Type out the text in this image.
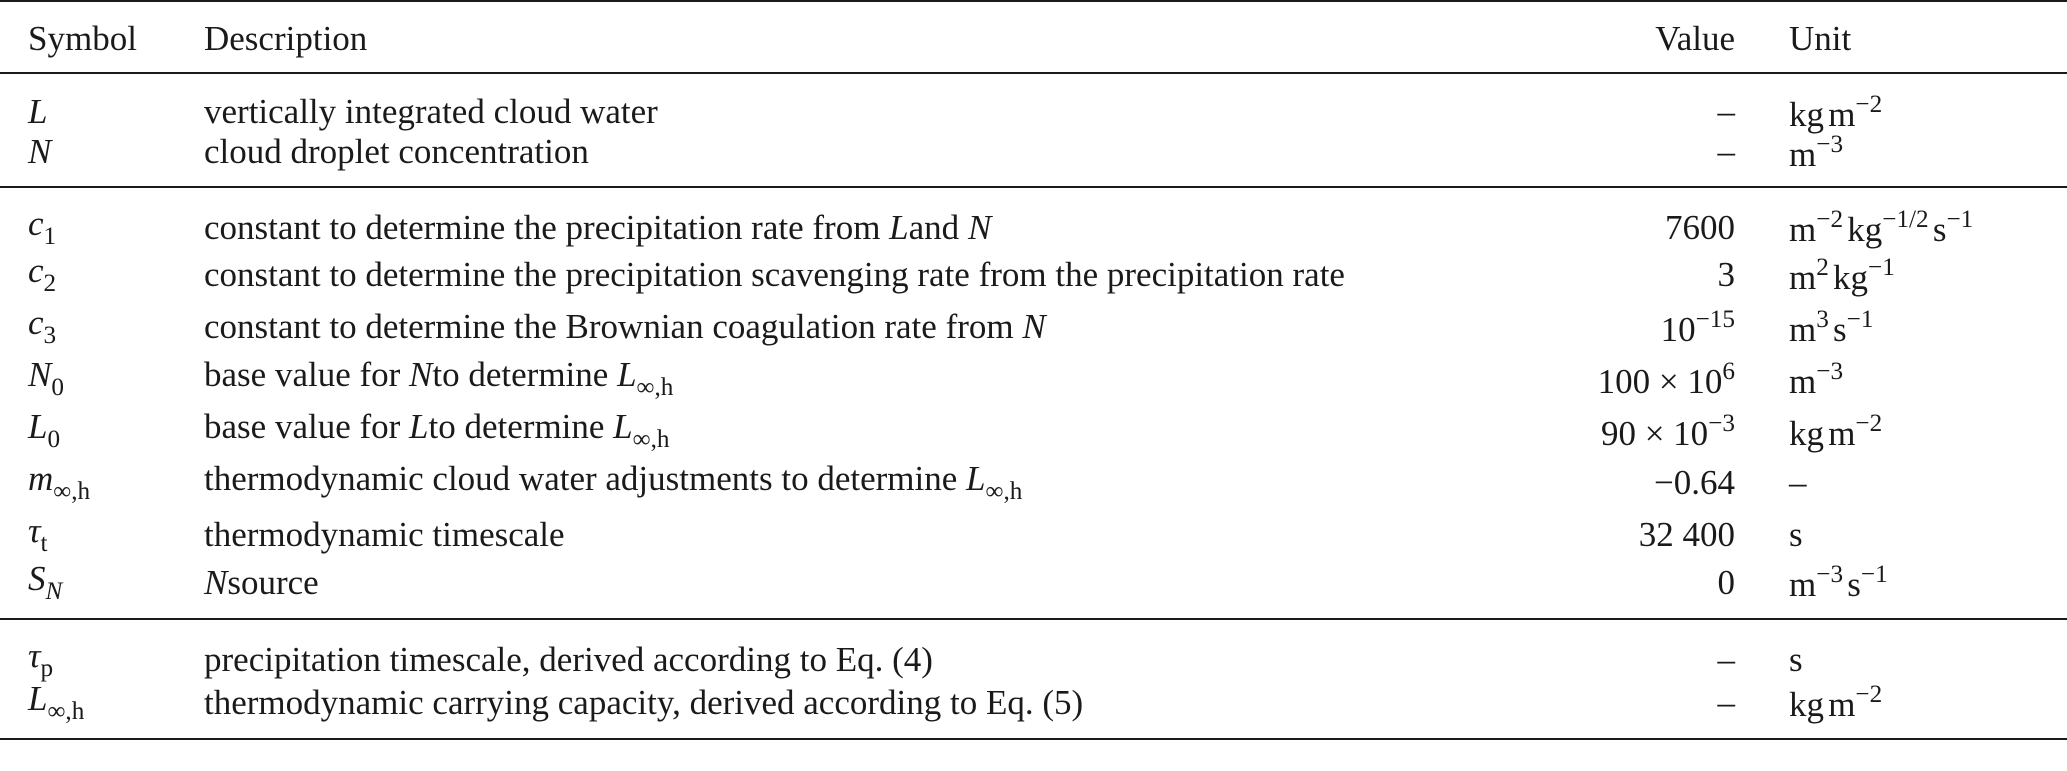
Symbol	Description	Value	Unit
L	vertically integrated cloud water	–	kg $m^{-2}$
N	cloud droplet concentration	–	$m^{-3}$
$c_1$	constant to determine the precipitation rate from Land N	7600	$m^{-2}$ $kg^{-1/2}$ $s^{-1}$
$c_2$	constant to determine the precipitation scavenging rate from the precipitation rate	3	$m^2$ $kg^{-1}$
$c_3$	constant to determine the Brownian coagulation rate from N	$10^{-15}$	$m^3$ $s^{-1}$
$N_0$	base value for Nto determine $L_{\infty,h}$	$100 \times 10^6$	$m^{-3}$
$L_0$	base value for Lto determine $L_{\infty,h}$	$90 \times 10^{-3}$	kg $m^{-2}$
$m_{\infty,h}$	thermodynamic cloud water adjustments to determine $L_{\infty,h}$	−0.64	–
$\tau_t$	thermodynamic timescale	32 400	s
$S_N$	Nsource	0	$m^{-3}$ $s^{-1}$
$\tau_p$	precipitation timescale, derived according to Eq. (4)	–	s
$L_{\infty,h}$	thermodynamic carrying capacity, derived according to Eq. (5)	–	kg $m^{-2}$
